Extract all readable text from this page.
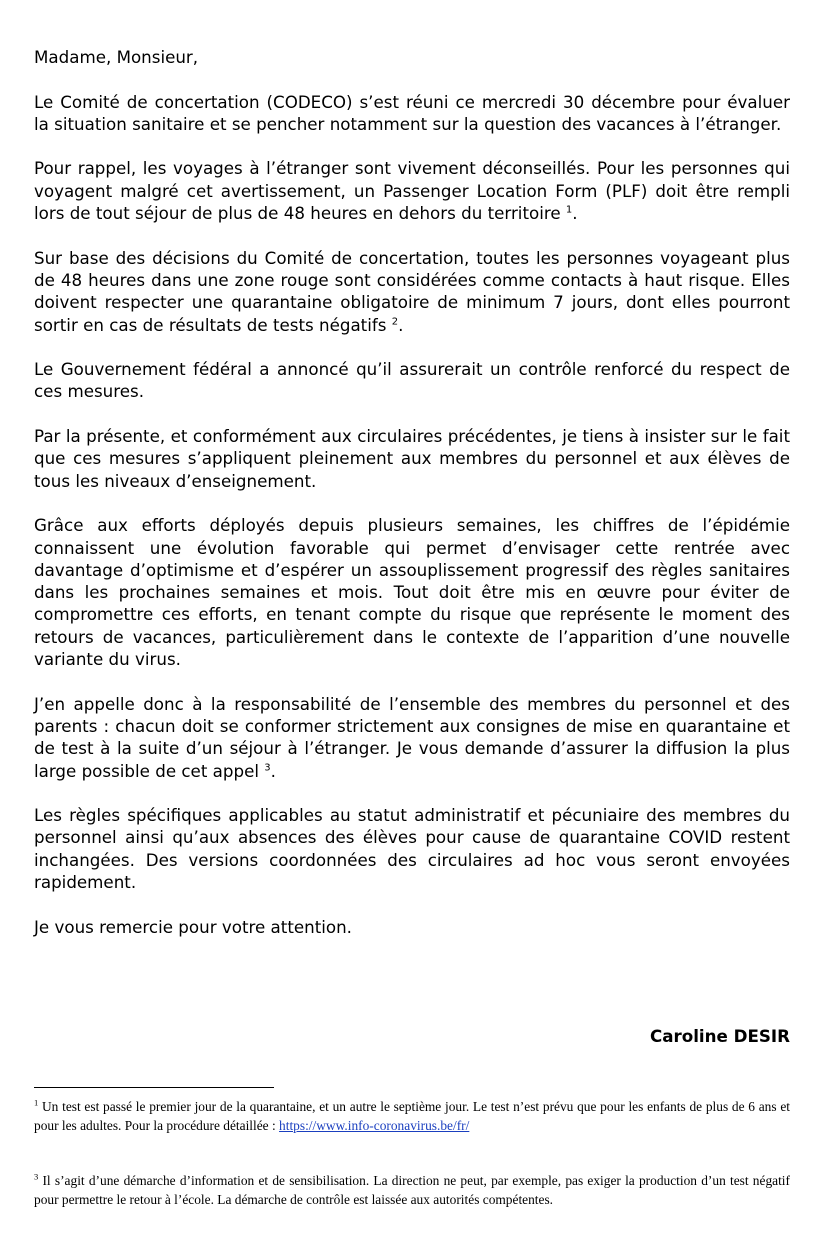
Madame, Monsieur,

Le Comité de concertation (CODECO) s’est réuni ce mercredi 30 décembre pour évaluer la situation sanitaire et se pencher notamment sur la question des vacances à l’étranger.

Pour rappel, les voyages à l’étranger sont vivement déconseillés. Pour les personnes qui voyagent malgré cet avertissement, un Passenger Location Form (PLF) doit être rempli lors de tout séjour de plus de 48 heures en dehors du territoire $^1$.

Sur base des décisions du Comité de concertation, toutes les personnes voyageant plus de 48 heures dans une zone rouge sont considérées comme contacts à haut risque. Elles doivent respecter une quarantaine obligatoire de minimum 7 jours, dont elles pourront sortir en cas de résultats de tests négatifs $^2$.

Le Gouvernement fédéral a annoncé qu’il assurerait un contrôle renforcé du respect de ces mesures.

Par la présente, et conformément aux circulaires précédentes, je tiens à insister sur le fait que ces mesures s’appliquent pleinement aux membres du personnel et aux élèves de tous les niveaux d’enseignement.

Grâce aux efforts déployés depuis plusieurs semaines, les chiffres de l’épidémie connaissent une évolution favorable qui permet d’envisager cette rentrée avec davantage d’optimisme et d’espérer un assouplissement progressif des règles sanitaires dans les prochaines semaines et mois. Tout doit être mis en œuvre pour éviter de compromettre ces efforts, en tenant compte du risque que représente le moment des retours de vacances, particulièrement dans le contexte de l’apparition d’une nouvelle variante du virus.

J’en appelle donc à la responsabilité de l’ensemble des membres du personnel et des parents : chacun doit se conformer strictement aux consignes de mise en quarantaine et de test à la suite d’un séjour à l’étranger. Je vous demande d’assurer la diffusion la plus large possible de cet appel $^3$.

Les règles spécifiques applicables au statut administratif et pécuniaire des membres du personnel ainsi qu’aux absences des élèves pour cause de quarantaine COVID restent inchangées. Des versions coordonnées des circulaires ad hoc vous seront envoyées rapidement.

Je vous remercie pour votre attention.

Caroline DESIR
$^1$ Un test est passé le premier jour de la quarantaine, et un autre le septième jour. Le test n’est prévu que pour les enfants de plus de 6 ans et pour les adultes. Pour la procédure détaillée : https://www.info-coronavirus.be/fr/
$^3$ Il s’agit d’une démarche d’information et de sensibilisation. La direction ne peut, par exemple, pas exiger la production d’un test négatif pour permettre le retour à l’école. La démarche de contrôle est laissée aux autorités compétentes.
